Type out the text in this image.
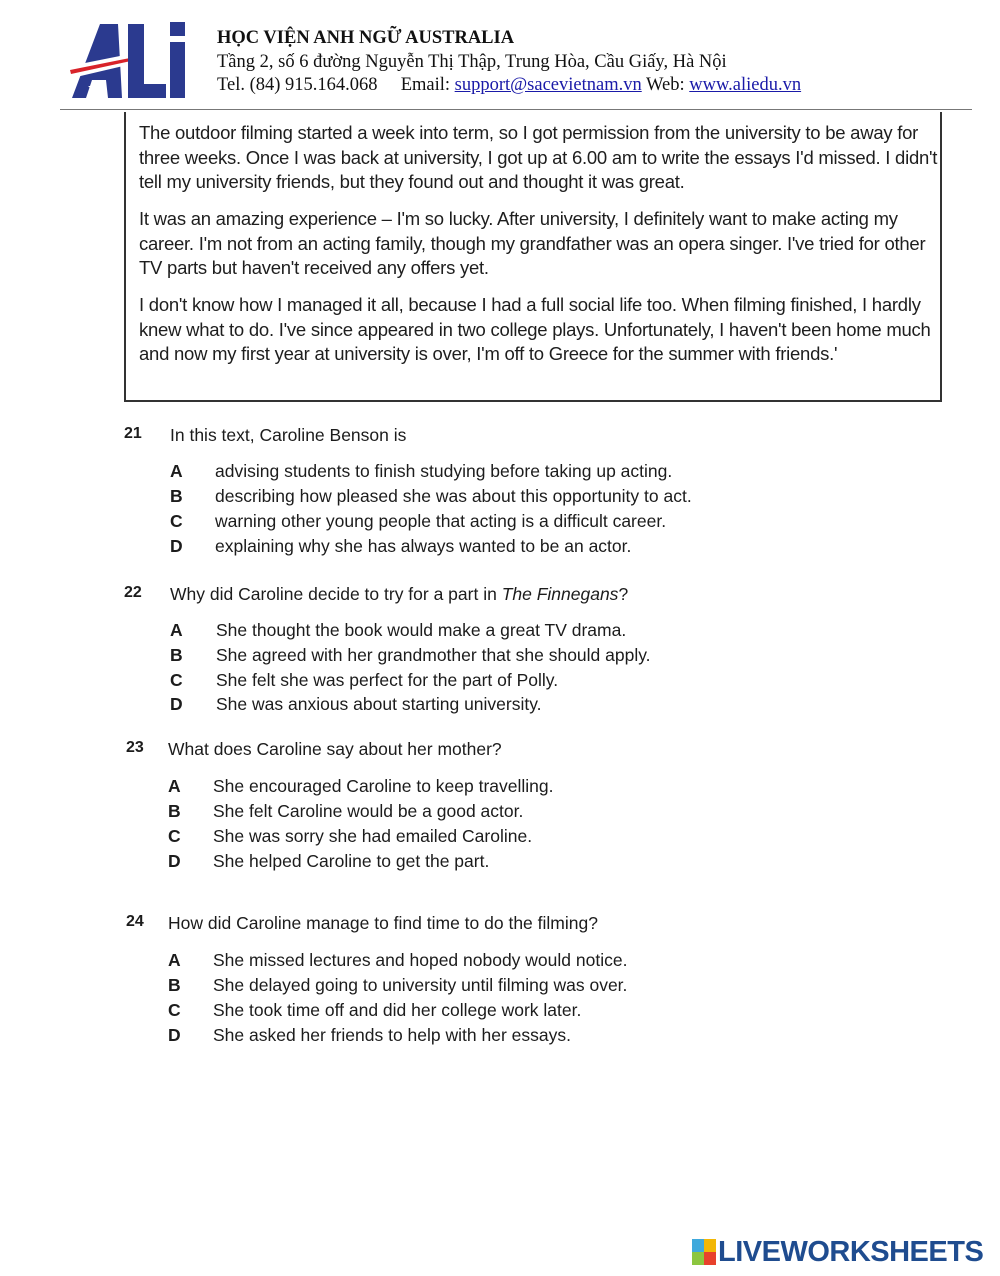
HỌC VIỆN ANH NGỮ AUSTRALIA
Tầng 2, số 6 đường Nguyễn Thị Thập, Trung Hòa, Cầu Giấy, Hà Nội
Tel. (84) 915.164.068 Email: support@sacevietnam.vn Web: www.aliedu.vn

The outdoor filming started a week into term, so I got permission from the university to be away for three weeks. Once I was back at university, I got up at 6.00 am to write the essays I'd missed. I didn't tell my university friends, but they found out and thought it was great.

It was an amazing experience – I'm so lucky. After university, I definitely want to make acting my career. I'm not from an acting family, though my grandfather was an opera singer. I've tried for other TV parts but haven't received any offers yet.

I don't know how I managed it all, because I had a full social life too. When filming finished, I hardly knew what to do. I've since appeared in two college plays. Unfortunately, I haven't been home much and now my first year at university is over, I'm off to Greece for the summer with friends.'

21 In this text, Caroline Benson is
A advising students to finish studying before taking up acting.
B describing how pleased she was about this opportunity to act.
C warning other young people that acting is a difficult career.
D explaining why she has always wanted to be an actor.
22 Why did Caroline decide to try for a part in The Finnegans?
A She thought the book would make a great TV drama.
B She agreed with her grandmother that she should apply.
C She felt she was perfect for the part of Polly.
D She was anxious about starting university.
23 What does Caroline say about her mother?
A She encouraged Caroline to keep travelling.
B She felt Caroline would be a good actor.
C She was sorry she had emailed Caroline.
D She helped Caroline to get the part.
24 How did Caroline manage to find time to do the filming?
A She missed lectures and hoped nobody would notice.
B She delayed going to university until filming was over.
C She took time off and did her college work later.
D She asked her friends to help with her essays.
LIVEWORKSHEETS
